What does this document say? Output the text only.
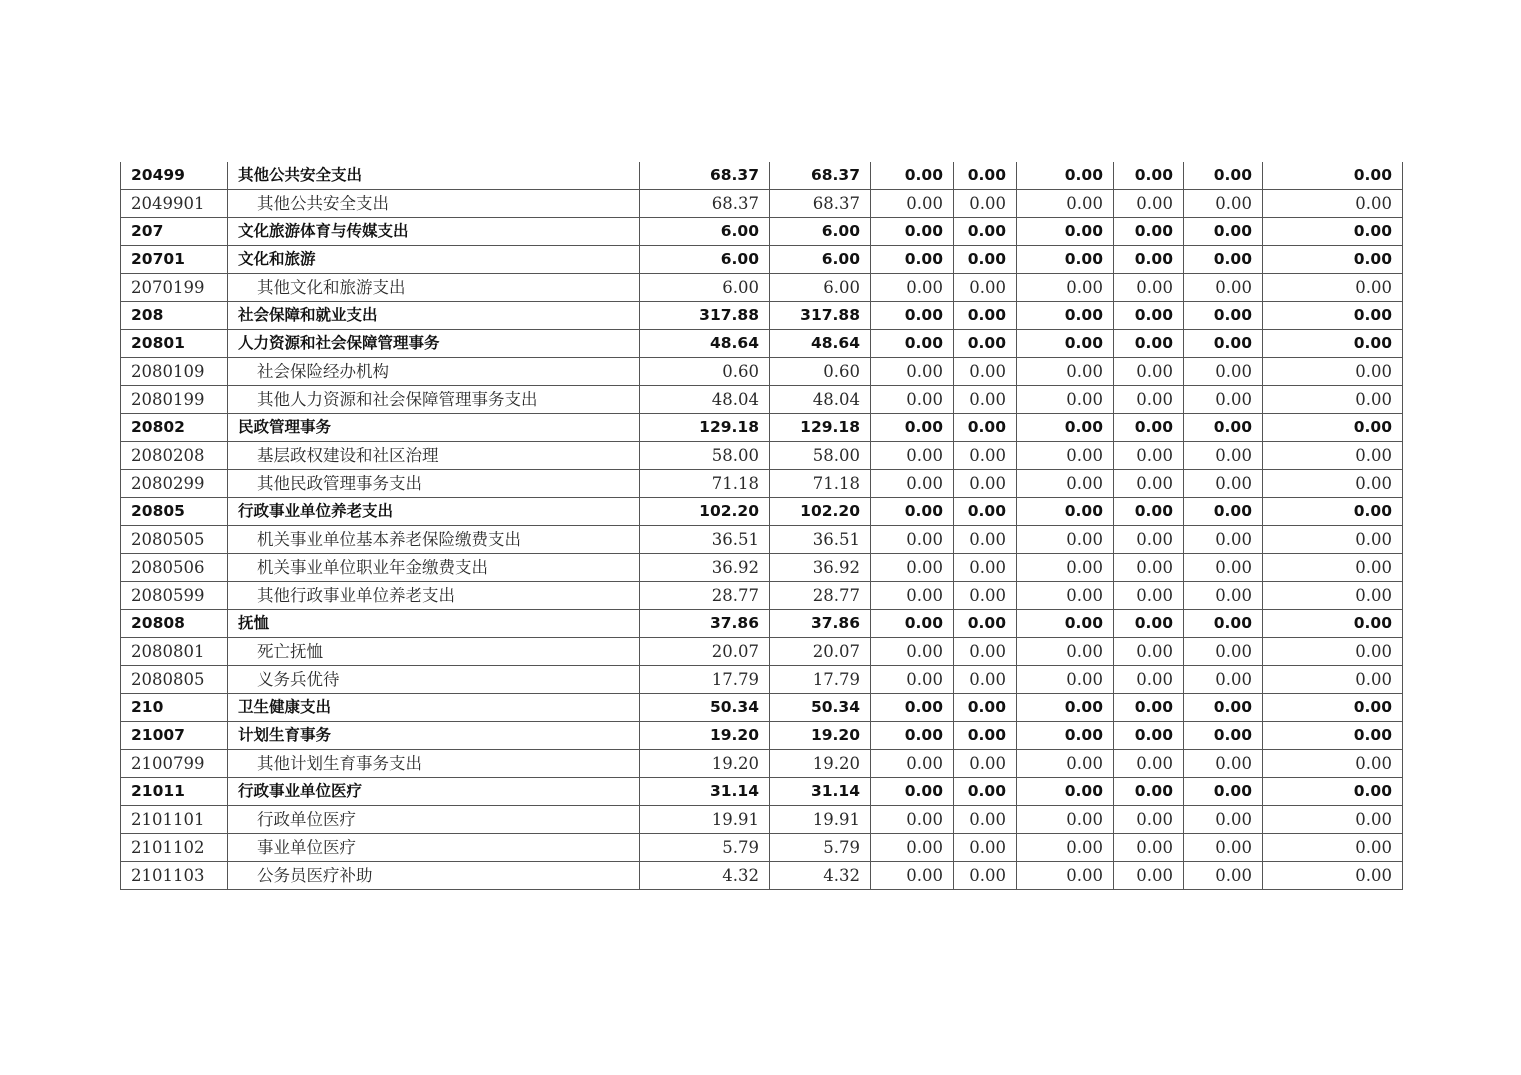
20499	其他公共安全支出	68.37	68.37	0.00	0.00	0.00	0.00	0.00	0.00
2049901	其他公共安全支出	68.37	68.37	0.00	0.00	0.00	0.00	0.00	0.00
207	文化旅游体育与传媒支出	6.00	6.00	0.00	0.00	0.00	0.00	0.00	0.00
20701	文化和旅游	6.00	6.00	0.00	0.00	0.00	0.00	0.00	0.00
2070199	其他文化和旅游支出	6.00	6.00	0.00	0.00	0.00	0.00	0.00	0.00
208	社会保障和就业支出	317.88	317.88	0.00	0.00	0.00	0.00	0.00	0.00
20801	人力资源和社会保障管理事务	48.64	48.64	0.00	0.00	0.00	0.00	0.00	0.00
2080109	社会保险经办机构	0.60	0.60	0.00	0.00	0.00	0.00	0.00	0.00
2080199	其他人力资源和社会保障管理事务支出	48.04	48.04	0.00	0.00	0.00	0.00	0.00	0.00
20802	民政管理事务	129.18	129.18	0.00	0.00	0.00	0.00	0.00	0.00
2080208	基层政权建设和社区治理	58.00	58.00	0.00	0.00	0.00	0.00	0.00	0.00
2080299	其他民政管理事务支出	71.18	71.18	0.00	0.00	0.00	0.00	0.00	0.00
20805	行政事业单位养老支出	102.20	102.20	0.00	0.00	0.00	0.00	0.00	0.00
2080505	机关事业单位基本养老保险缴费支出	36.51	36.51	0.00	0.00	0.00	0.00	0.00	0.00
2080506	机关事业单位职业年金缴费支出	36.92	36.92	0.00	0.00	0.00	0.00	0.00	0.00
2080599	其他行政事业单位养老支出	28.77	28.77	0.00	0.00	0.00	0.00	0.00	0.00
20808	抚恤	37.86	37.86	0.00	0.00	0.00	0.00	0.00	0.00
2080801	死亡抚恤	20.07	20.07	0.00	0.00	0.00	0.00	0.00	0.00
2080805	义务兵优待	17.79	17.79	0.00	0.00	0.00	0.00	0.00	0.00
210	卫生健康支出	50.34	50.34	0.00	0.00	0.00	0.00	0.00	0.00
21007	计划生育事务	19.20	19.20	0.00	0.00	0.00	0.00	0.00	0.00
2100799	其他计划生育事务支出	19.20	19.20	0.00	0.00	0.00	0.00	0.00	0.00
21011	行政事业单位医疗	31.14	31.14	0.00	0.00	0.00	0.00	0.00	0.00
2101101	行政单位医疗	19.91	19.91	0.00	0.00	0.00	0.00	0.00	0.00
2101102	事业单位医疗	5.79	5.79	0.00	0.00	0.00	0.00	0.00	0.00
2101103	公务员医疗补助	4.32	4.32	0.00	0.00	0.00	0.00	0.00	0.00
